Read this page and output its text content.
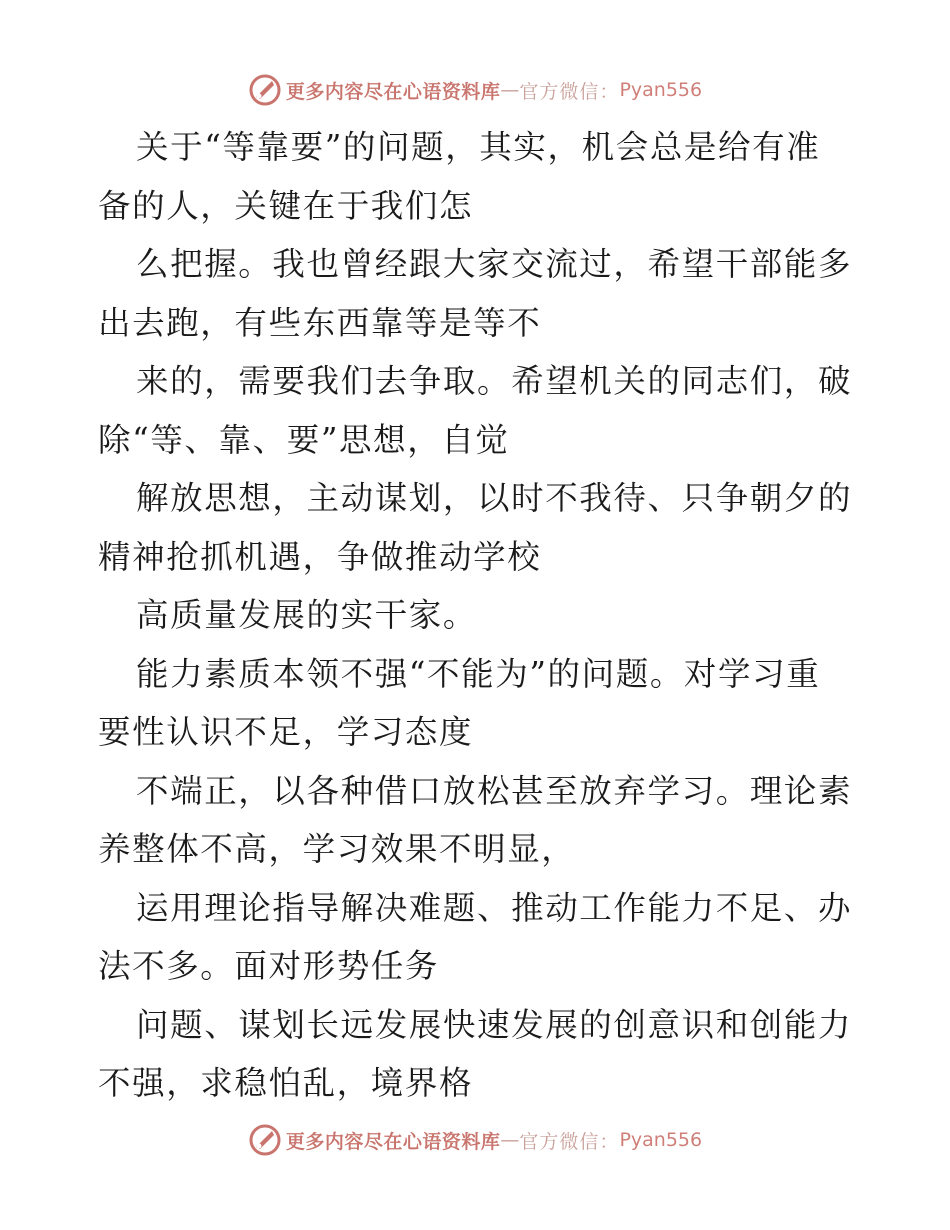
更多内容尽在心语资料库 — 官方微信： Pyan556

关于“等靠要”的问题，其实，机会总是给有准
备的人，关键在于我们怎

么把握。我也曾经跟大家交流过，希望干部能多
出去跑，有些东西靠等是等不

来的，需要我们去争取。希望机关的同志们，破
除“等、靠、要”思想，自觉

解放思想，主动谋划，以时不我待、只争朝夕的
精神抢抓机遇，争做推动学校

高质量发展的实干家。

能力素质本领不强“不能为”的问题。对学习重
要性认识不足，学习态度

不端正，以各种借口放松甚至放弃学习。理论素
养整体不高，学习效果不明显，

运用理论指导解决难题、推动工作能力不足、办
法不多。面对形势任务

问题、谋划长远发展快速发展的创意识和创能力
不强，求稳怕乱，境界格

更多内容尽在心语资料库 — 官方微信： Pyan556
